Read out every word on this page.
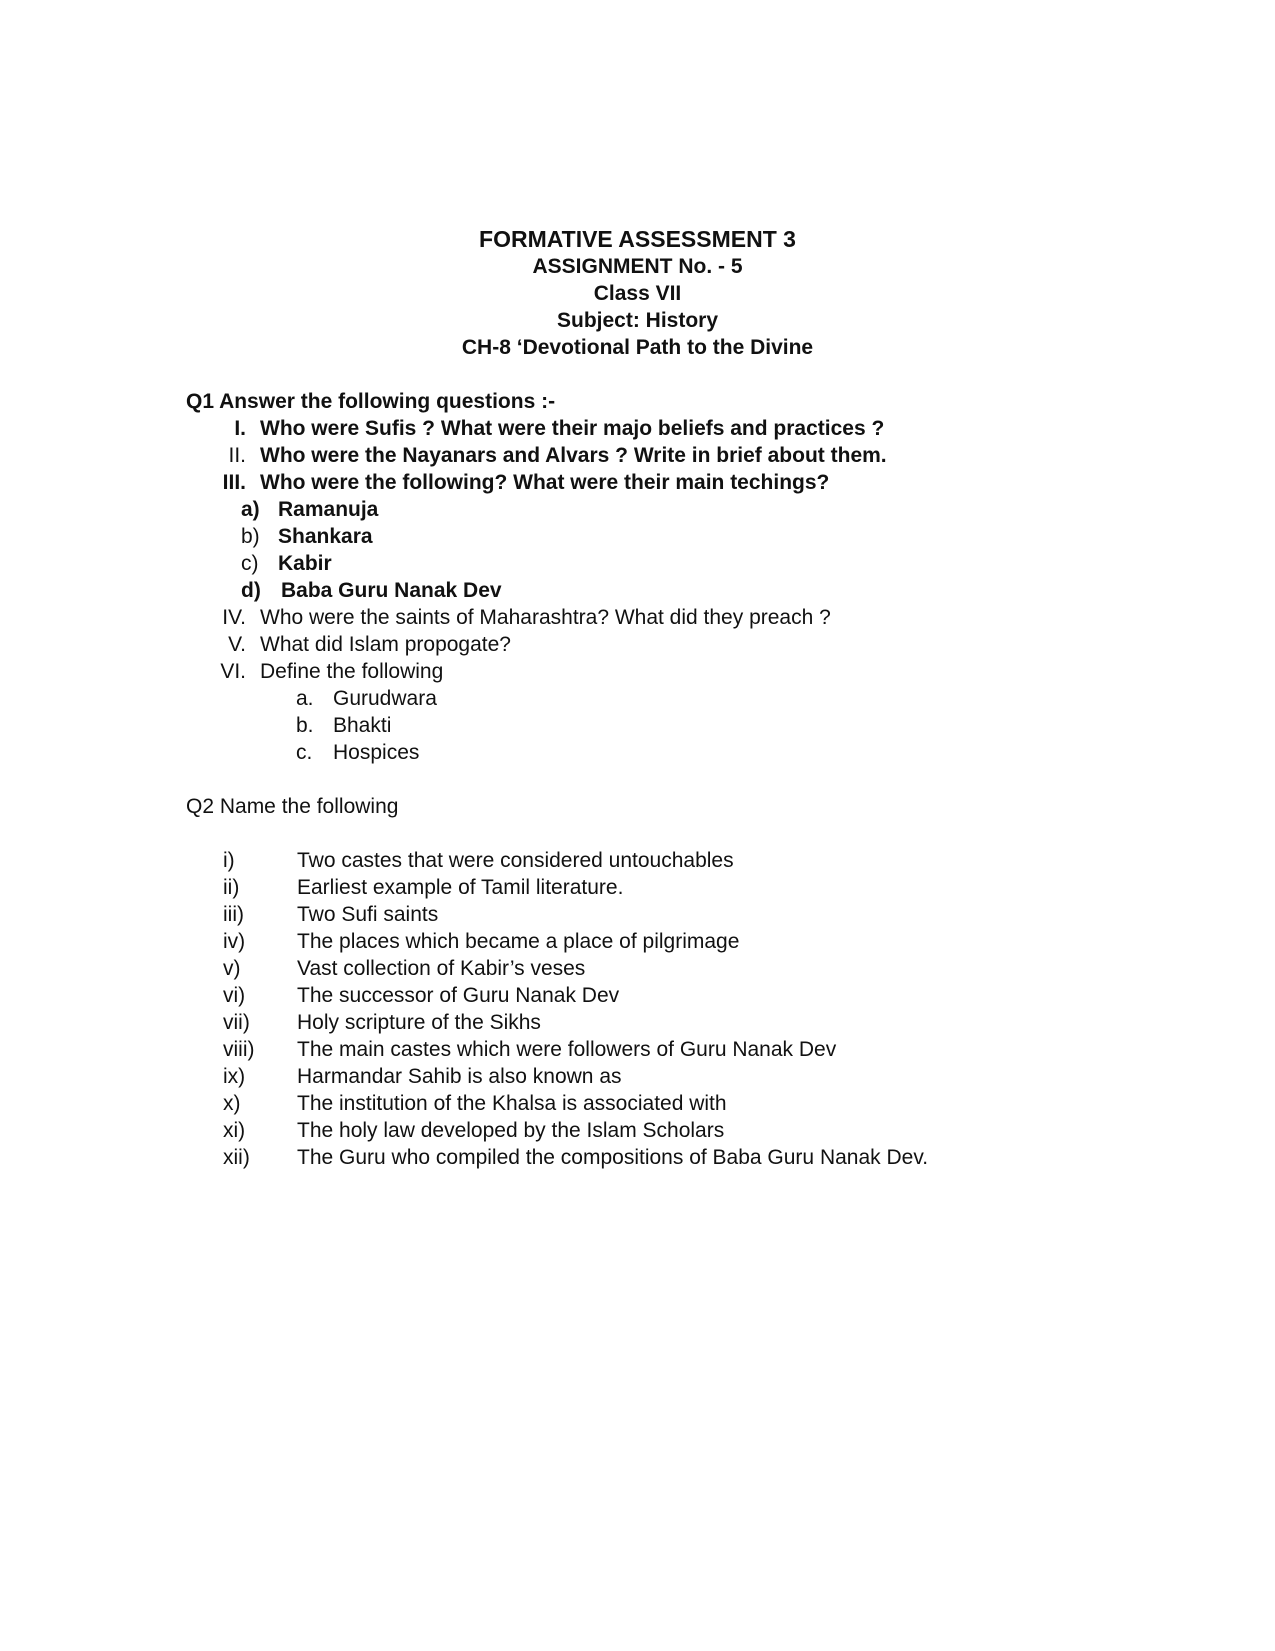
FORMATIVE ASSESSMENT 3
ASSIGNMENT No. - 5
Class VII
Subject: History
CH-8 ‘Devotional Path to the Divine
Q1 Answer the following questions :-
I. Who were Sufis ? What were their majo beliefs and practices ?
II. Who were the Nayanars and Alvars ? Write in brief about them.
III. Who were the following? What were their main techings?
a) Ramanuja
b) Shankara
c) Kabir
d) Baba Guru Nanak Dev
IV. Who were the saints of Maharashtra? What did they preach ?
V. What did Islam propogate?
VI. Define the following
a. Gurudwara
b. Bhakti
c. Hospices
Q2 Name the following
i)	Two castes that were considered untouchables
ii)	Earliest example of Tamil literature.
iii)	Two Sufi saints
iv) The places which became a place of pilgrimage
v)	Vast collection of Kabir’s veses
vi) The successor of Guru Nanak Dev
vii) Holy scripture of the Sikhs
viii) The main castes which were followers of Guru Nanak Dev
ix) Harmandar Sahib is also known as
x)	The institution of the Khalsa is associated with
xi) The holy law developed by the Islam Scholars
xii) The Guru who compiled the compositions of Baba Guru Nanak Dev.
